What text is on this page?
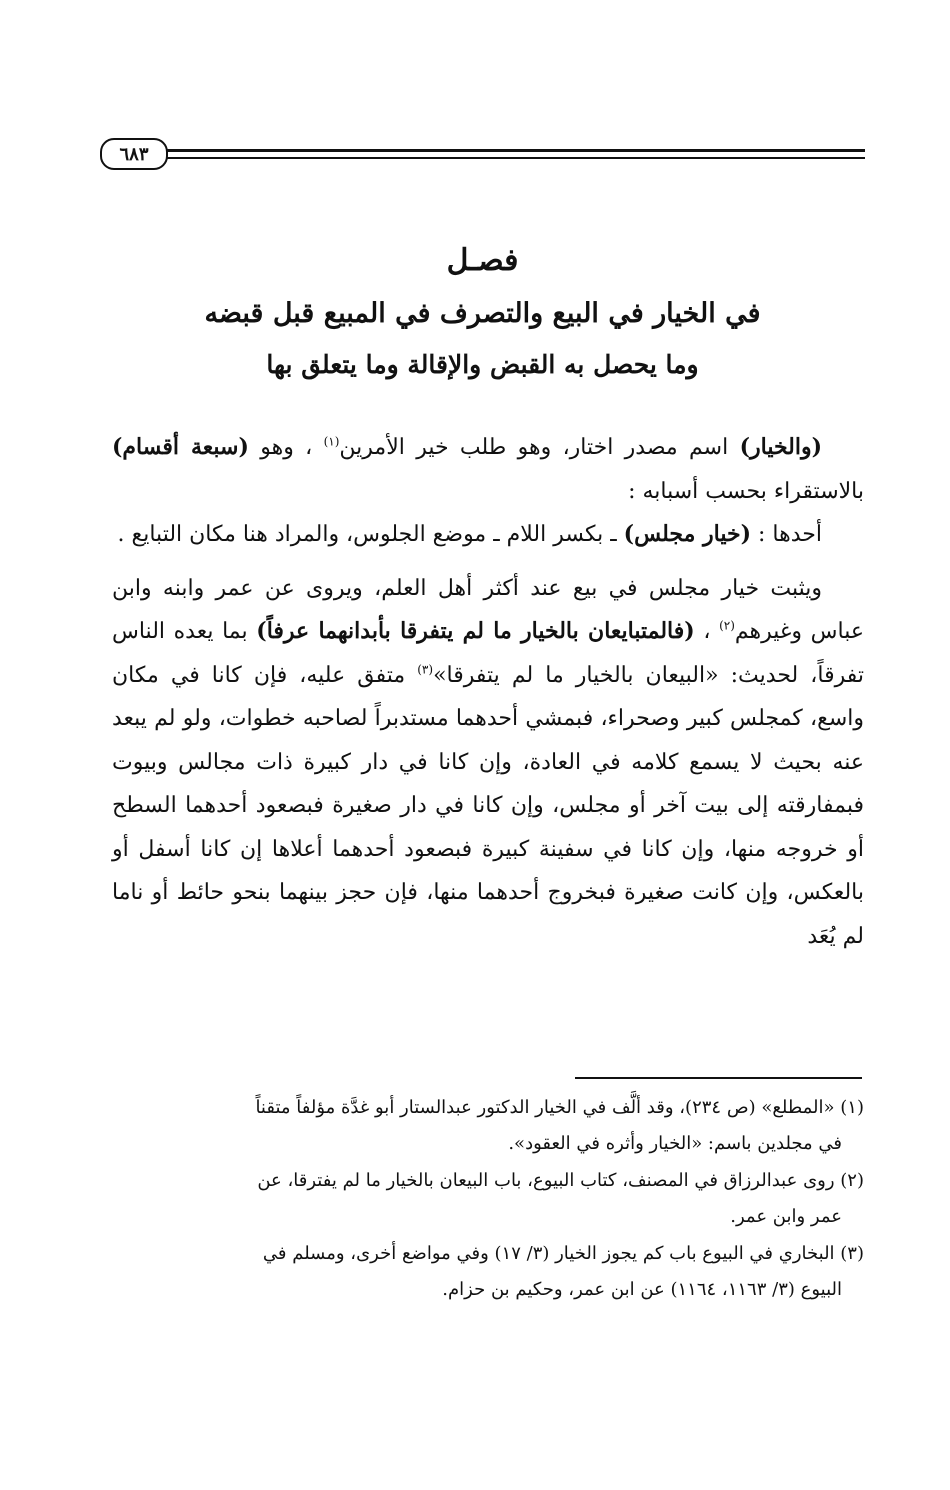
٦٨٣
فصـل
في الخيار في البيع والتصرف في المبيع قبل قبضه
وما يحصل به القبض والإقالة وما يتعلق بها

(والخيار) اسم مصدر اختار، وهو طلب خير الأمرين$^{(١)}$ ، وهو (سبعة أقسام) بالاستقراء بحسب أسبابه :

أحدها : (خيار مجلس) ـ بكسر اللام ـ موضع الجلوس، والمراد هنا مكان التبايع .

ويثبت خيار مجلس في بيع عند أكثر أهل العلم، ويروى عن عمر وابنه وابن عباس وغيرهم$^{(٢)}$ ، (فالمتبايعان بالخيار ما لم يتفرقا بأبدانهما عرفاً) بما يعده الناس تفرقاً، لحديث: «البيعان بالخيار ما لم يتفرقا»$^{(٣)}$ متفق عليه، فإن كانا في مكان واسع، كمجلس كبير وصحراء، فبمشي أحدهما مستدبراً لصاحبه خطوات، ولو لم يبعد عنه بحيث لا يسمع كلامه في العادة، وإن كانا في دار كبيرة ذات مجالس وبيوت فبمفارقته إلى بيت آخر أو مجلس، وإن كانا في دار صغيرة فبصعود أحدهما السطح أو خروجه منها، وإن كانا في سفينة كبيرة فبصعود أحدهما أعلاها إن كانا أسفل أو بالعكس، وإن كانت صغيرة فبخروج أحدهما منها، فإن حجز بينهما بنحو حائط أو ناما لم يُعَد

(١) «المطلع» (ص ٢٣٤)، وقد ألَّف في الخيار الدكتور عبدالستار أبو غدَّة مؤلفاً متقناً
في مجلدين باسم: «الخيار وأثره في العقود».

(٢) روى عبدالرزاق في المصنف، كتاب البيوع، باب البيعان بالخيار ما لم يفترقا، عن
عمر وابن عمر.

(٣) البخاري في البيوع باب كم يجوز الخيار (٣/ ١٧) وفي مواضع أخرى، ومسلم في
البيوع (٣/ ١١٦٣، ١١٦٤) عن ابن عمر، وحكيم بن حزام.
